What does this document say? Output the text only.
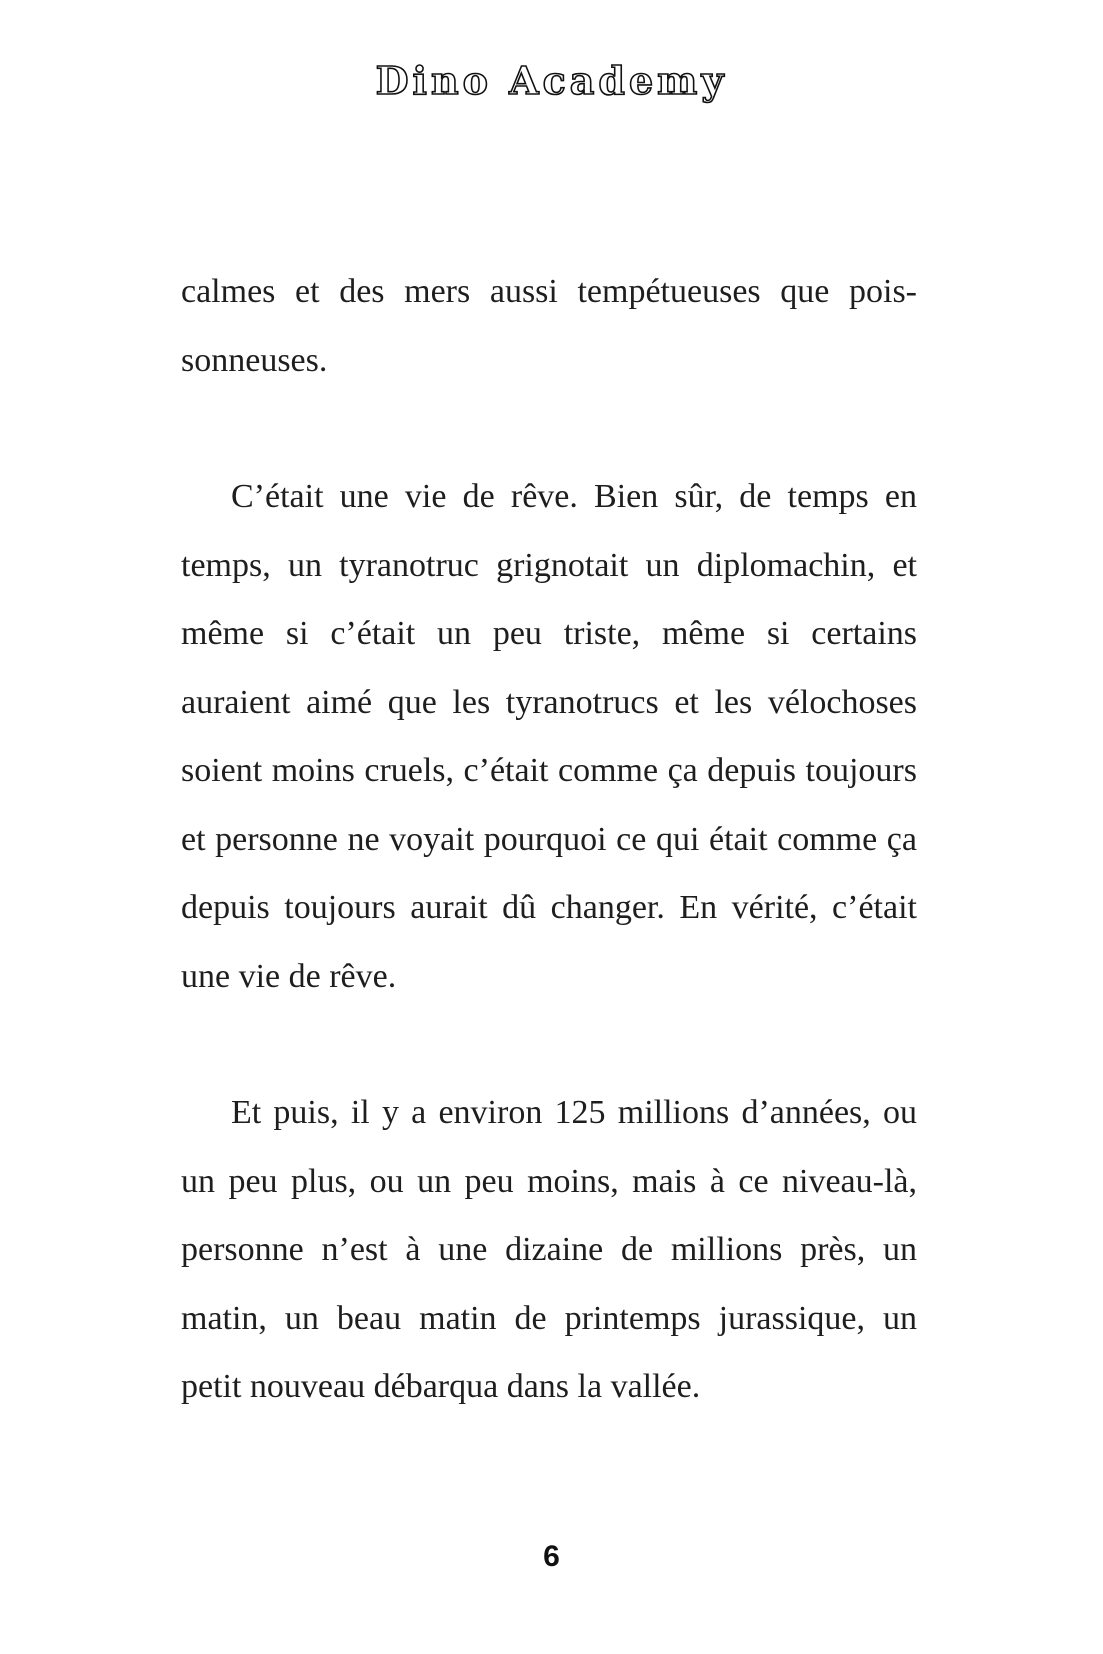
Dino Academy

calmes et des mers aussi tempétueuses que poissonneuses.

C’était une vie de rêve. Bien sûr, de temps en temps, un tyranotruc grignotait un diplomachin, et même si c’était un peu triste, même si certains auraient aimé que les tyranotrucs et les vélochoses soient moins cruels, c’était comme ça depuis toujours et personne ne voyait pourquoi ce qui était comme ça depuis toujours aurait dû changer. En vérité, c’était une vie de rêve.

Et puis, il y a environ 125 millions d’années, ou un peu plus, ou un peu moins, mais à ce niveau-là, personne n’est à une dizaine de millions près, un matin, un beau matin de printemps jurassique, un petit nouveau débarqua dans la vallée.

6
